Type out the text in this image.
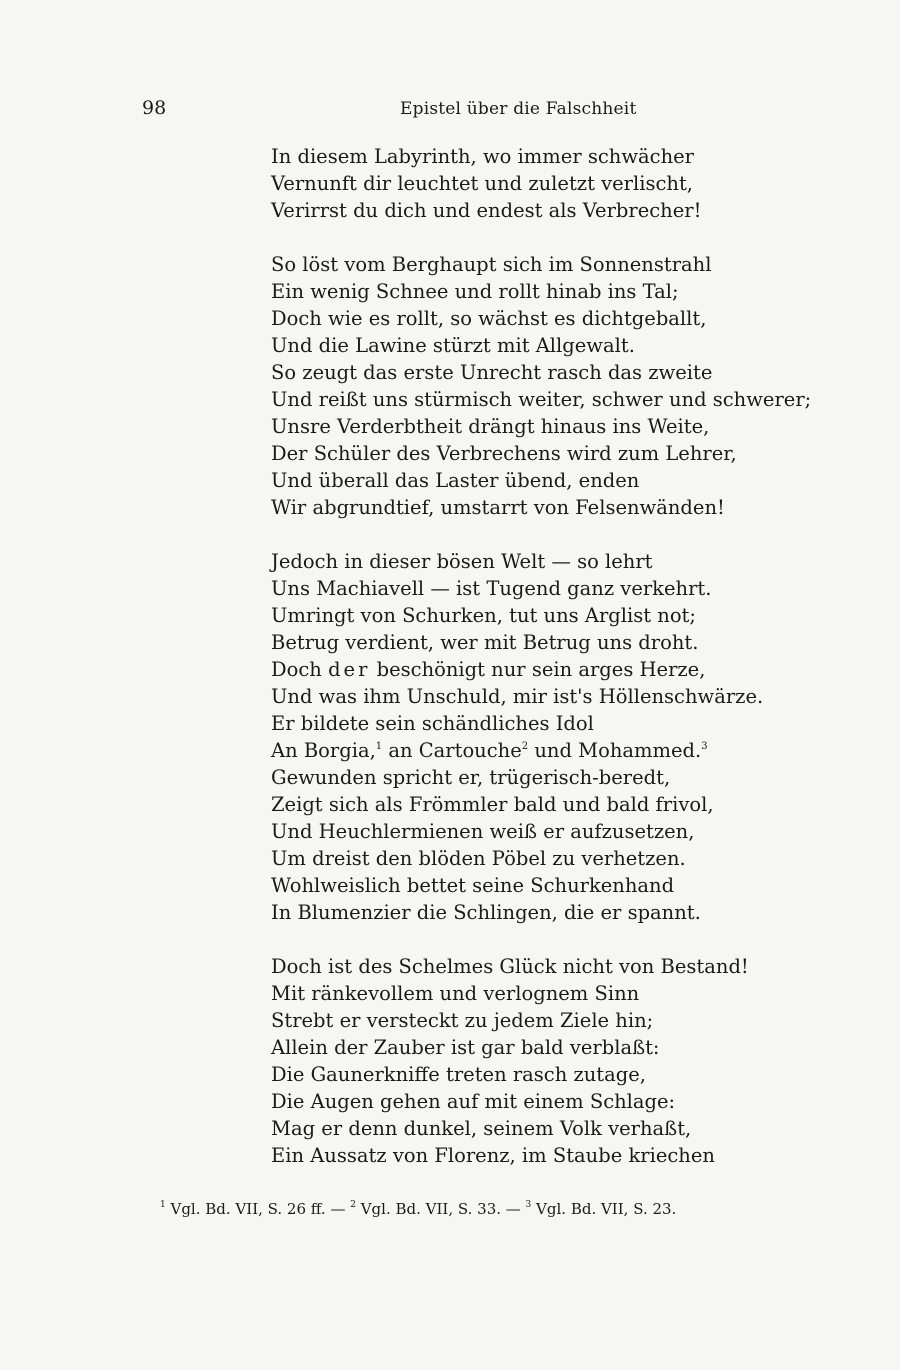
98	Epistel über die Falschheit
In diesem Labyrinth, wo immer schwächer
Vernunft dir leuchtet und zuletzt verlischt,
Verirrst du dich und endest als Verbrecher!
So löst vom Berghaupt sich im Sonnenstrahl
Ein wenig Schnee und rollt hinab ins Tal;
Doch wie es rollt, so wächst es dichtgeballt,
Und die Lawine stürzt mit Allgewalt.
So zeugt das erste Unrecht rasch das zweite
Und reißt uns stürmisch weiter, schwer und schwerer;
Unsre Verderbtheit drängt hinaus ins Weite,
Der Schüler des Verbrechens wird zum Lehrer,
Und überall das Laster übend, enden
Wir abgrundtief, umstarrt von Felsenwänden!
Jedoch in dieser bösen Welt — so lehrt
Uns Machiavell — ist Tugend ganz verkehrt.
Umringt von Schurken, tut uns Arglist not;
Betrug verdient, wer mit Betrug uns droht.
Doch der beschönigt nur sein arges Herze,
Und was ihm Unschuld, mir ist's Höllenschwärze.
Er bildete sein schändliches Idol
An Borgia,$^1$ an Cartouche$^2$ und Mohammed.$^3$
Gewunden spricht er, trügerisch-beredt,
Zeigt sich als Frömmler bald und bald frivol,
Und Heuchlermienen weiß er aufzusetzen,
Um dreist den blöden Pöbel zu verhetzen.
Wohlweislich bettet seine Schurkenhand
In Blumenzier die Schlingen, die er spannt.
Doch ist des Schelmes Glück nicht von Bestand!
Mit ränkevollem und verlognem Sinn
Strebt er versteckt zu jedem Ziele hin;
Allein der Zauber ist gar bald verblaßt:
Die Gaunerkniffe treten rasch zutage,
Die Augen gehen auf mit einem Schlage:
Mag er denn dunkel, seinem Volk verhaßt,
Ein Aussatz von Florenz, im Staube kriechen
$^1$ Vgl. Bd. VII, S. 26 ff. — $^2$ Vgl. Bd. VII, S. 33. — $^3$ Vgl. Bd. VII, S. 23.
